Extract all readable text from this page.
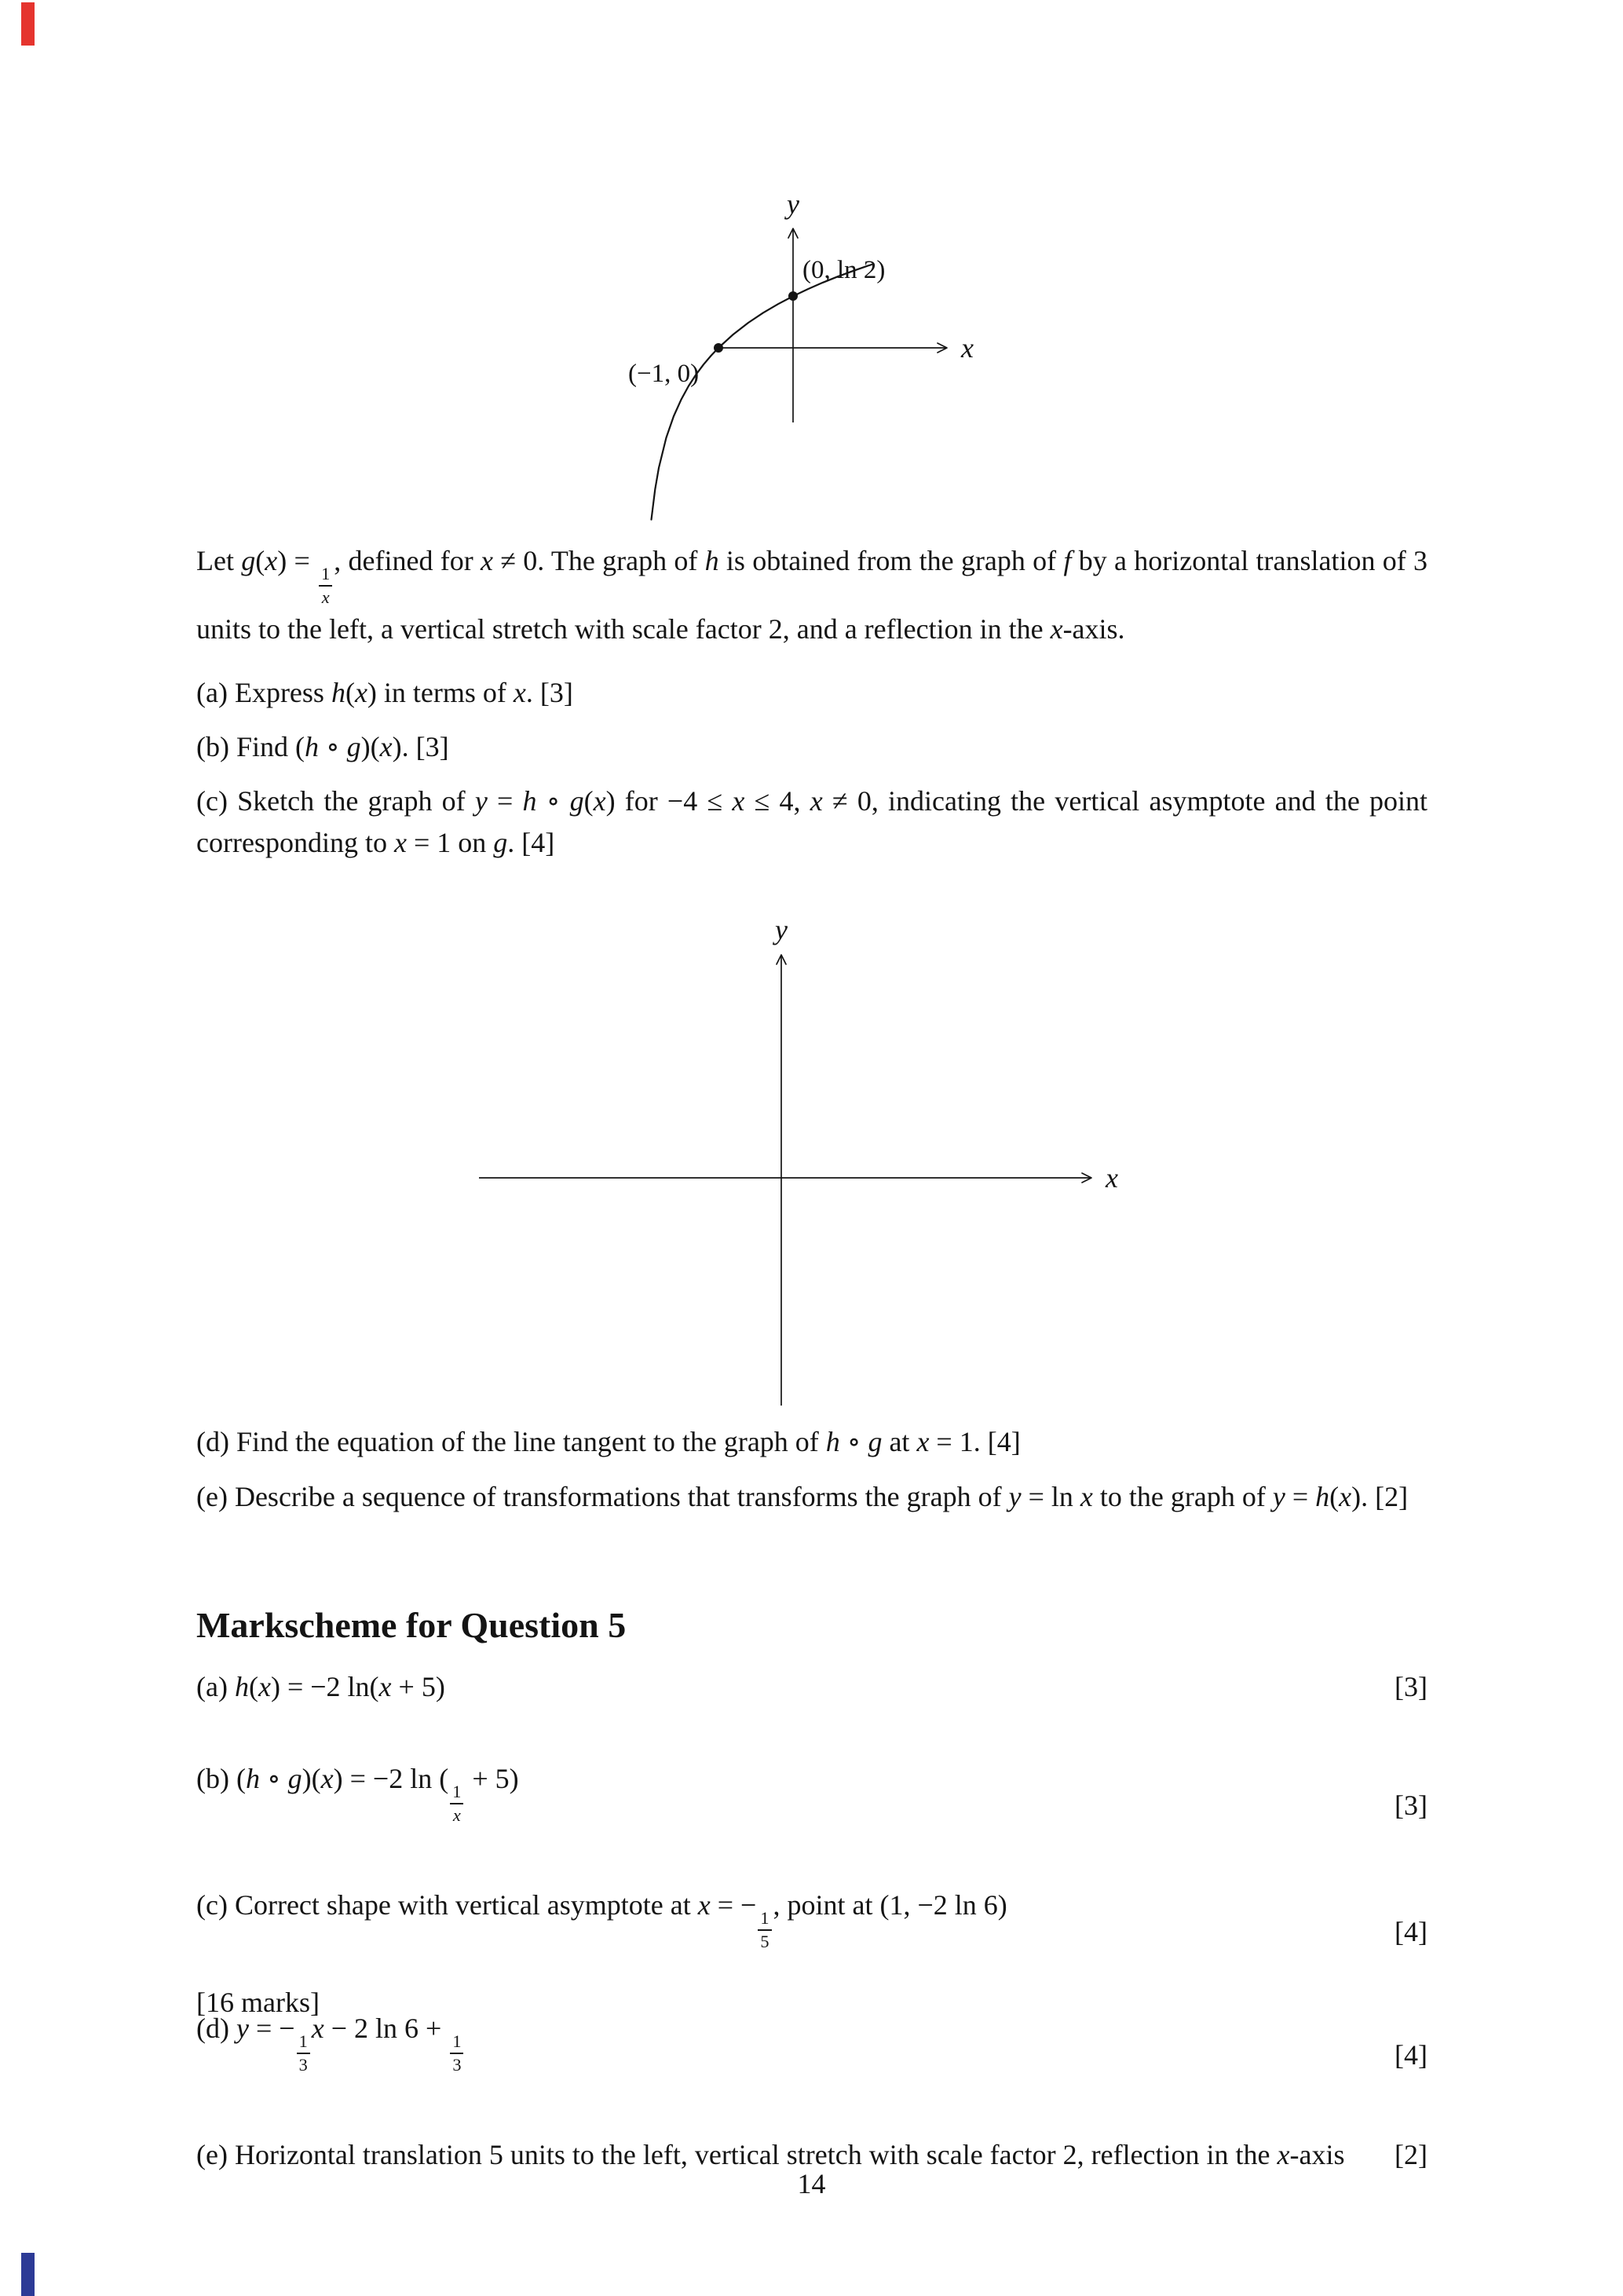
(0, ln 2)
(−1, 0)
y
x
Let g(x) =
$\frac{1}{x}$
, defined for x ≠ 0. The graph of h is obtained from the graph of f by a horizontal translation of 3 units to the left, a vertical stretch with scale factor 2, and a reflection in the x-axis.
(a) Express h(x) in terms of x. [3]
(b) Find (h ∘ g)(x). [3]
(c) Sketch the graph of y = h ∘ g(x) for −4 ≤ x ≤ 4, x ≠ 0, indicating the vertical asymptote and the point corresponding to x = 1 on g. [4]
y
x
(d) Find the equation of the line tangent to the graph of h ∘ g at x = 1. [4]
(e) Describe a sequence of transformations that transforms the graph of y = ln x to the graph of y = h(x). [2]
Markscheme for Question 5
(a) h(x) = −2 ln(x + 5)	[3]
(b) (h ∘ g)(x) = −2 ln (
$\frac{1}{x}$
+ 5)
[3]
(c) Correct shape with vertical asymptote at x = −
$\frac{1}{5}$
, point at (1, −2 ln 6)
[4]
(d) y = −
$\frac{1}{3}$
x − 2 ln 6 +
$\frac{1}{3}$	[4]
(e) Horizontal translation 5 units to the left, vertical stretch with scale factor 2, reflection in the x-axis [2]
[16 marks]
14
